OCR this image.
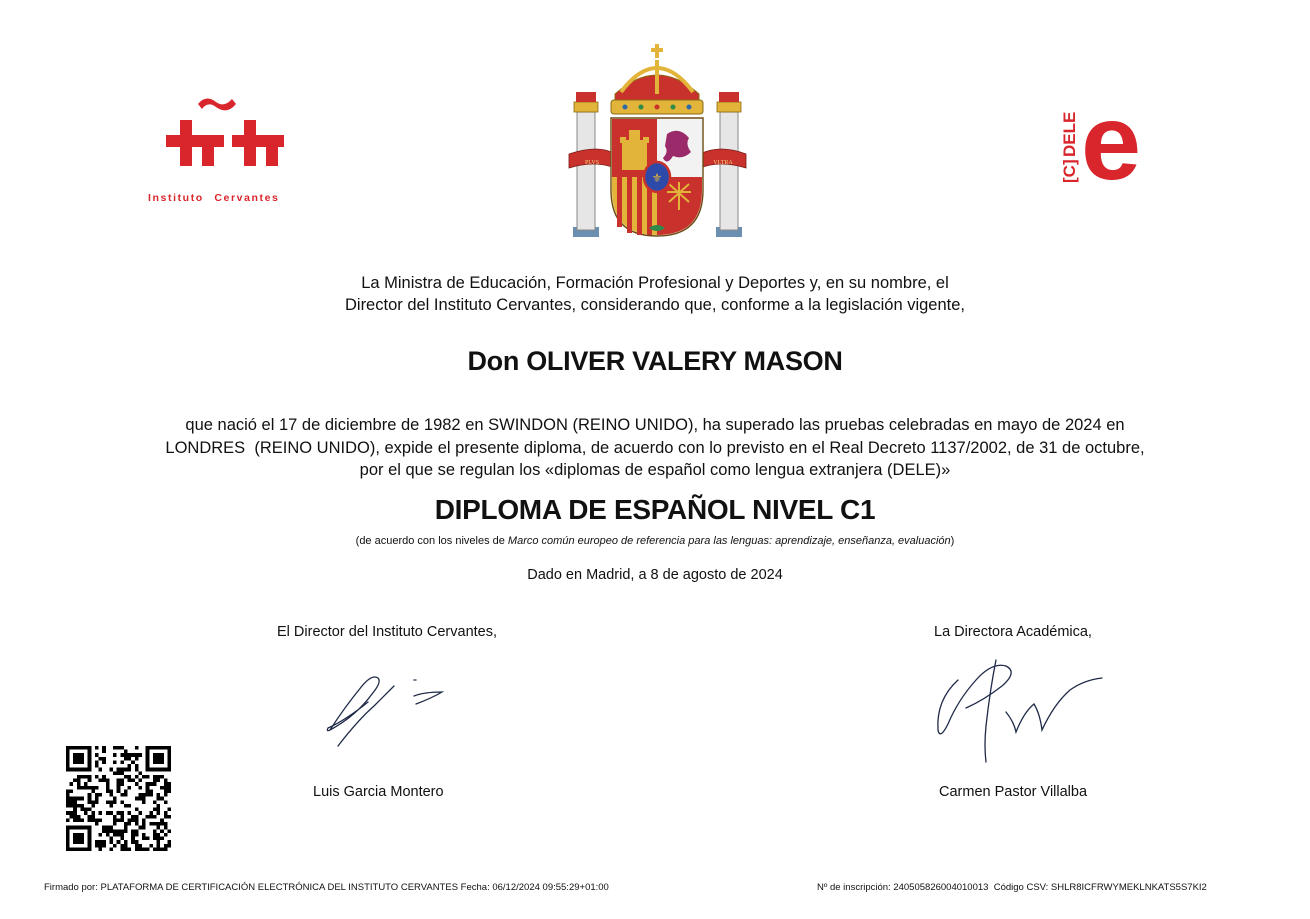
Instituto Cervantes
PLVS	VLTRA
⚜	[C]
DELE e
La Ministra de Educación, Formación Profesional y Deportes y, en su nombre, el
Director del Instituto Cervantes, considerando que, conforme a la legislación vigente,
Don OLIVER VALERY MASON
que nació el 17 de diciembre de 1982 en SWINDON (REINO UNIDO), ha superado las pruebas celebradas en mayo de 2024 en
LONDRES  (REINO UNIDO), expide el presente diploma, de acuerdo con lo previsto en el Real Decreto 1137/2002, de 31 de octubre,
por el que se regulan los «diplomas de español como lengua extranjera (DELE)»
DIPLOMA DE ESPAÑOL NIVEL C1
(de acuerdo con los niveles de Marco común europeo de referencia para las lenguas: aprendizaje, enseñanza, evaluación)
Dado en Madrid, a 8 de agosto de 2024
El Director del Instituto Cervantes,	La Directora Académica,
Luis Garcia Montero	Carmen Pastor Villalba
Firmado por: PLATAFORMA DE CERTIFICACIÓN ELECTRÓNICA DEL INSTITUTO CERVANTES Fecha: 06/12/2024 09:55:29+01:00	Nº de inscripción: 240505826004010013  Código CSV: SHLR8ICFRWYMEKLNKATS5S7KI2
